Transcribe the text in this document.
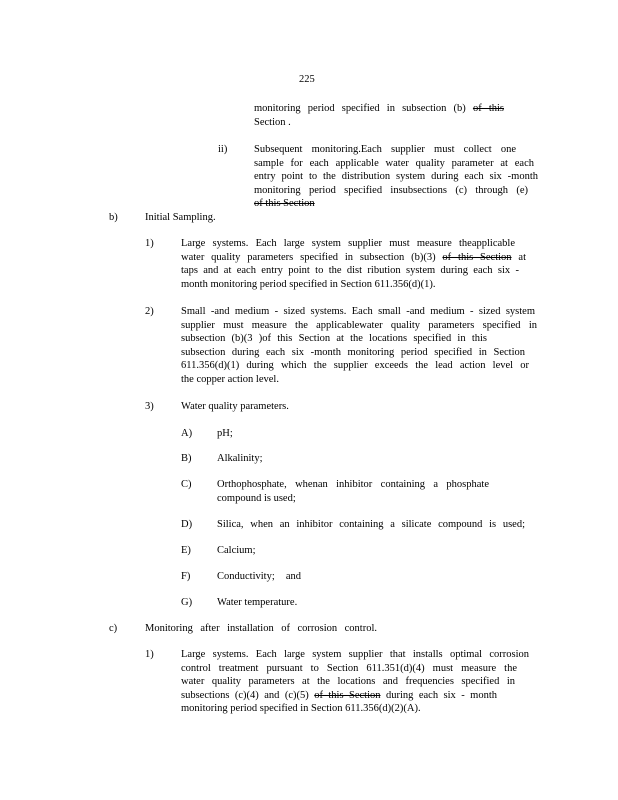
225
monitoring period specified in subsection (b) of this
Section .
ii)	Subsequent monitoring.Each supplier must collect one
sample for each applicable water quality parameter at each
entry point to the distribution system during each six -month
monitoring period specified insubsections (c) through (e)
of this Section
b)	Initial Sampling.
1)	Large systems. Each large system supplier must measure theapplicable
water quality parameters specified in subsection (b)(3) of this Section at
taps and at each entry point to the dist ribution system during each six -
month monitoring period specified in Section 611.356(d)(1).
2)	Small -and medium - sized systems. Each small -and medium - sized system
supplier must measure the applicablewater quality parameters specified in
subsection (b)(3 )of this Section at the locations specified in this
subsection during each six -month monitoring period specified in Section
611.356(d)(1) during which the supplier exceeds the lead action level or
the copper action level.
3)	Water quality parameters.
A) pH;
B) Alkalinity;
C) Orthophosphate, whenan inhibitor containing a phosphate
compound is used;
D) Silica, when an inhibitor containing a silicate compound is used;
E) Calcium;
F)	Conductivity; and
G) Water temperature.
c)	Monitoring after installation of corrosion control.
1)	Large systems. Each large system supplier that installs optimal corrosion
control treatment pursuant to Section 611.351(d)(4) must measure the
water quality parameters at the locations and frequencies specified in
subsections (c)(4) and (c)(5) of this Section during each six - month
monitoring period specified in Section 611.356(d)(2)(A).
